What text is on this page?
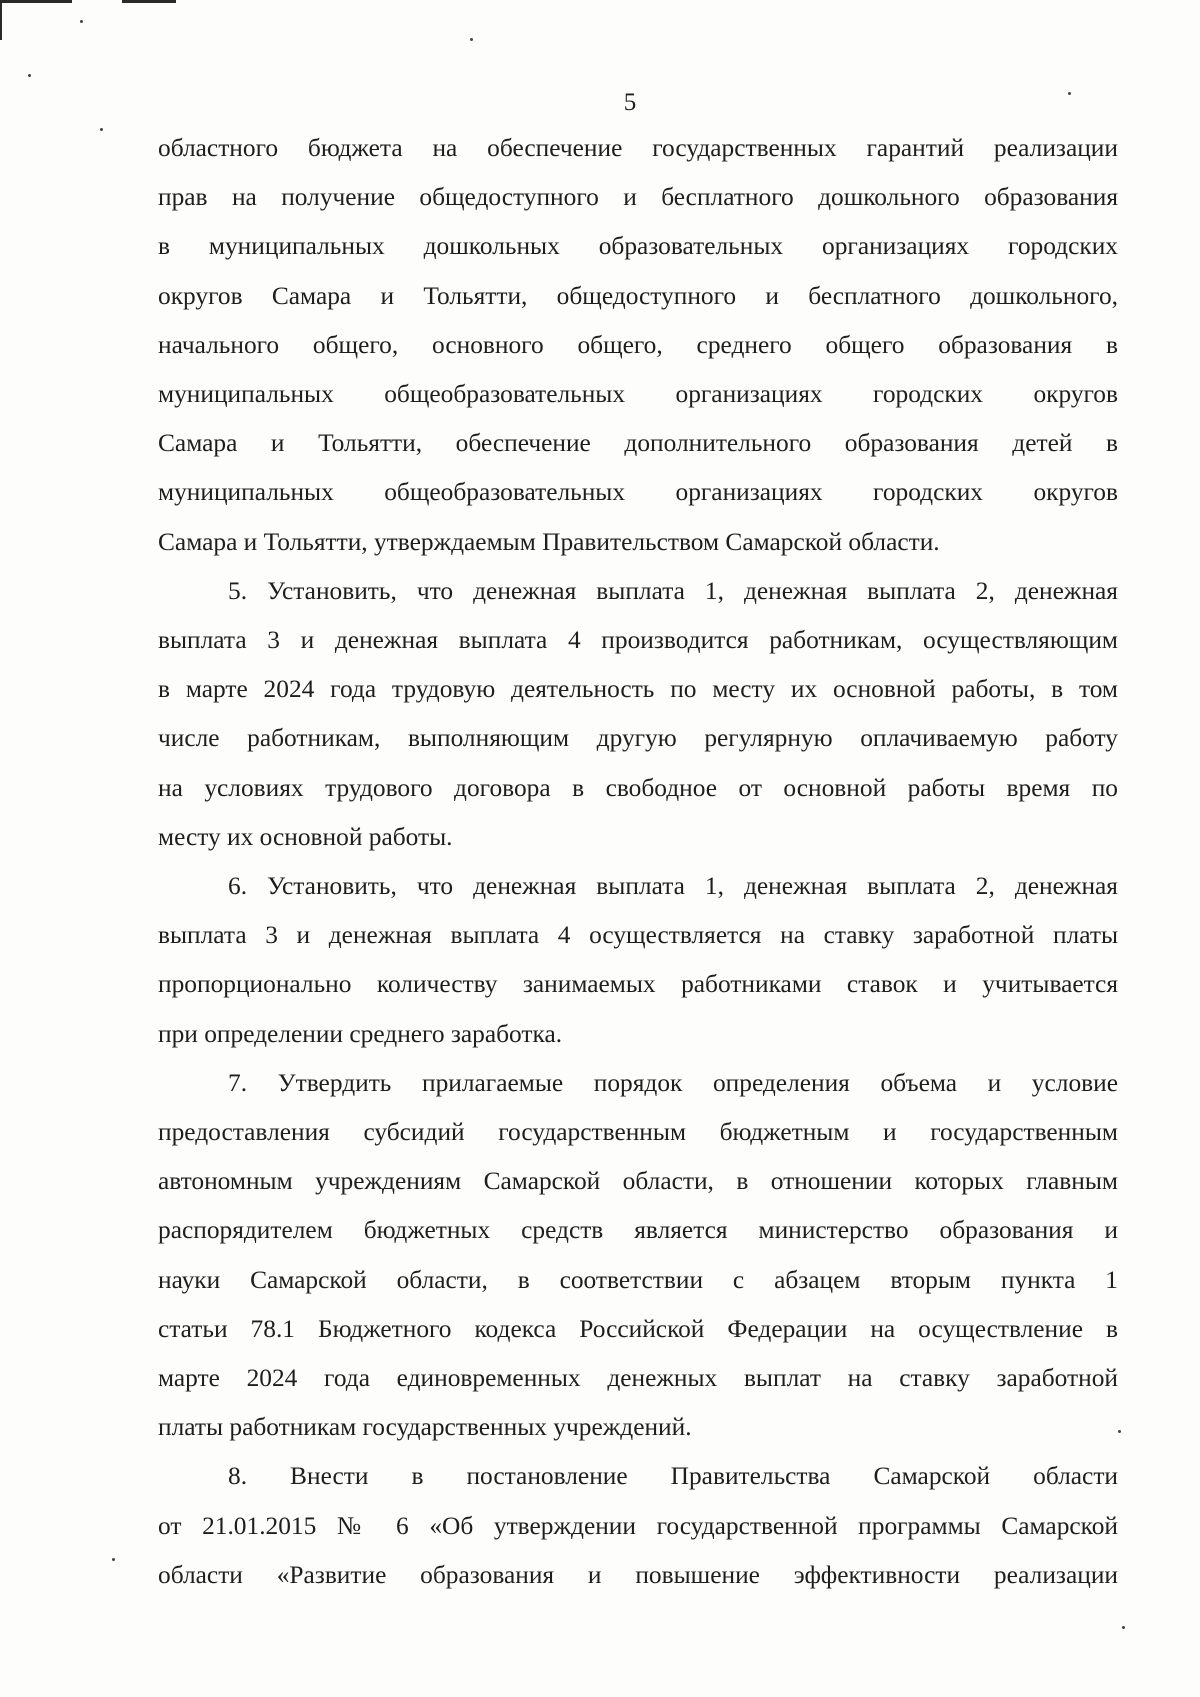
5

областного бюджета на обеспечение государственных гарантий реализации
прав на получение общедоступного и бесплатного дошкольного образования
в муниципальных дошкольных образовательных организациях городских
округов Самара и Тольятти, общедоступного и бесплатного дошкольного,
начального общего, основного общего, среднего общего образования в
муниципальных общеобразовательных организациях городских округов
Самара и Тольятти, обеспечение дополнительного образования детей в
муниципальных общеобразовательных организациях городских округов
Самара и Тольятти, утверждаемым Правительством Самарской области.

5. Установить, что денежная выплата 1, денежная выплата 2, денежная
выплата 3 и денежная выплата 4 производится работникам, осуществляющим
в марте 2024 года трудовую деятельность по месту их основной работы, в том
числе работникам, выполняющим другую регулярную оплачиваемую работу
на условиях трудового договора в свободное от основной работы время по
месту их основной работы.

6. Установить, что денежная выплата 1, денежная выплата 2, денежная
выплата 3 и денежная выплата 4 осуществляется на ставку заработной платы
пропорционально количеству занимаемых работниками ставок и учитывается
при определении среднего заработка.

7. Утвердить прилагаемые порядок определения объема и условие
предоставления субсидий государственным бюджетным и государственным
автономным учреждениям Самарской области, в отношении которых главным
распорядителем бюджетных средств является министерство образования и
науки Самарской области, в соответствии с абзацем вторым пункта 1
статьи 78.1 Бюджетного кодекса Российской Федерации на осуществление в
марте 2024 года единовременных денежных выплат на ставку заработной
платы работникам государственных учреждений.

8. Внести в постановление Правительства Самарской области
от 21.01.2015 № 6 «Об утверждении государственной программы Самарской
области «Развитие образования и повышение эффективности реализации
